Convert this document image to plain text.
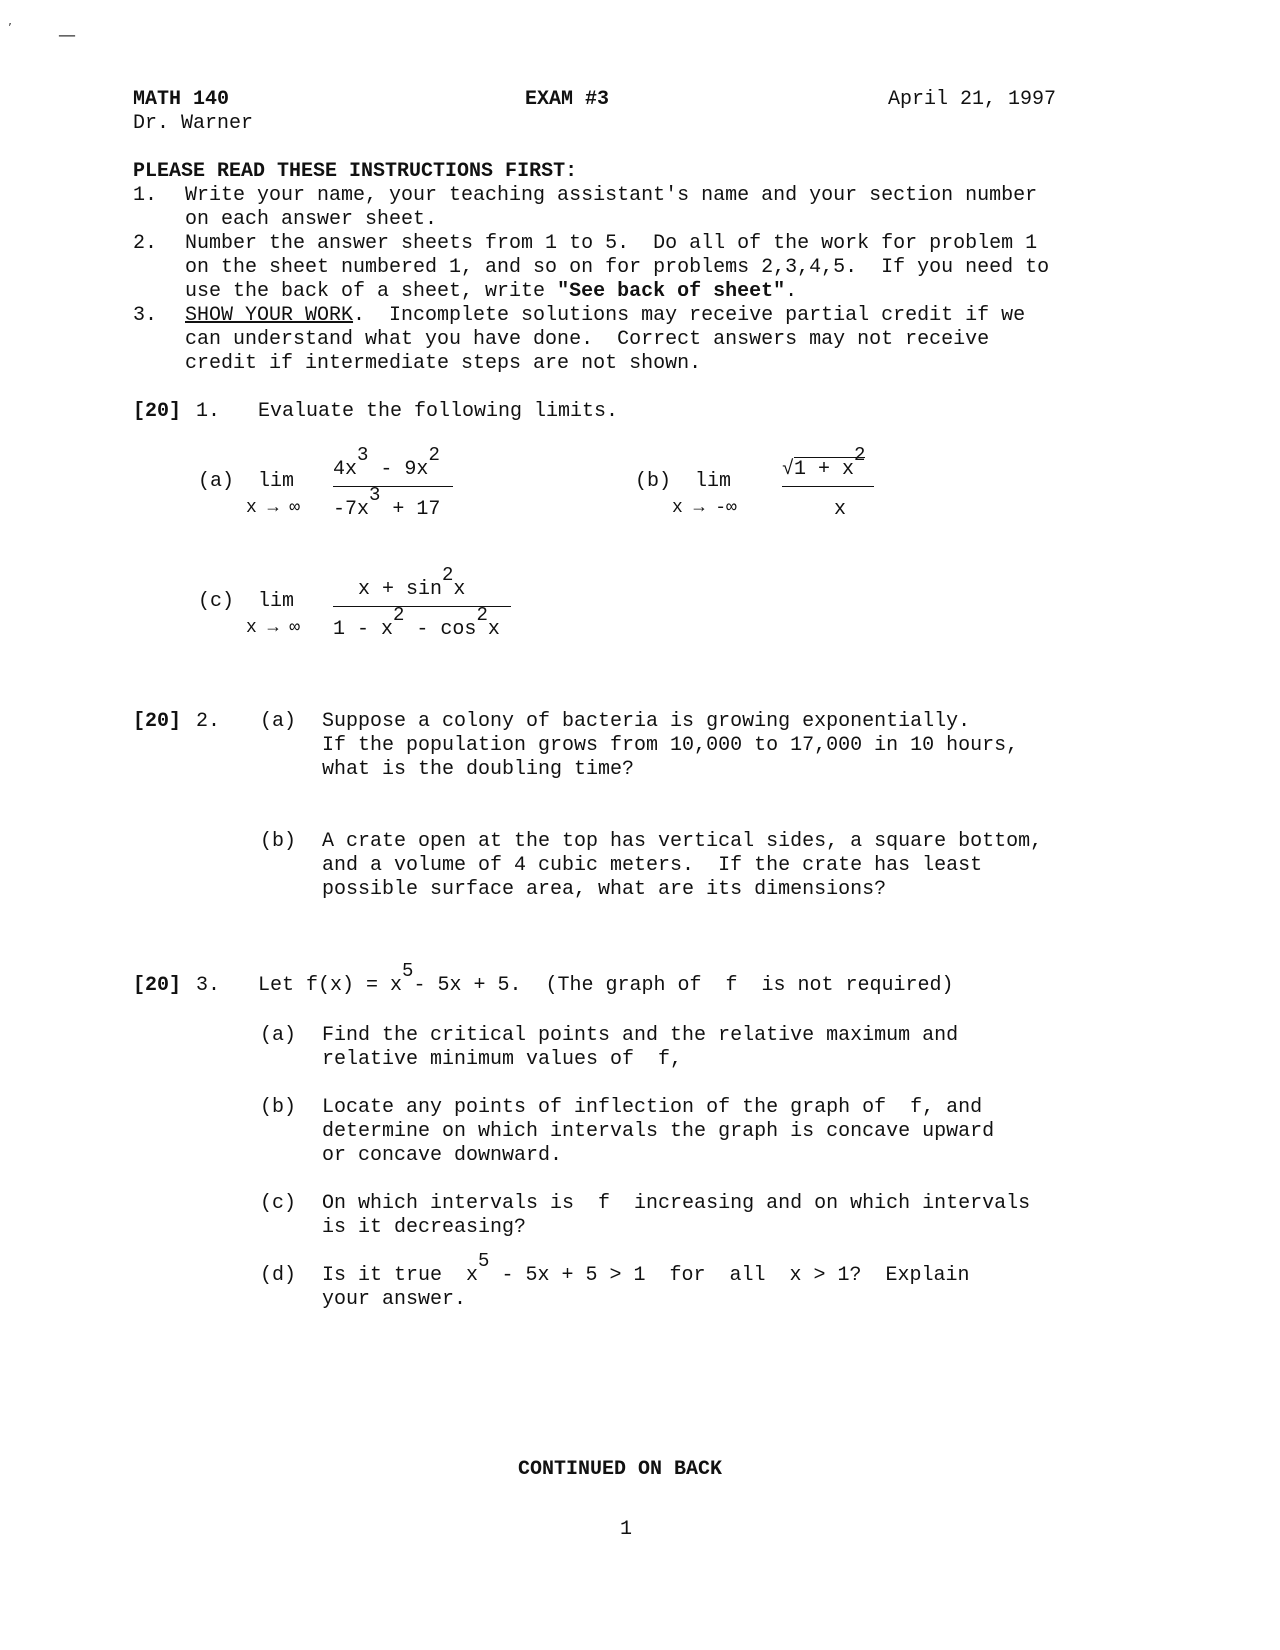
’	—
MATH 140	EXAM #3	April 21, 1997
Dr. Warner
PLEASE READ THESE INSTRUCTIONS FIRST:
1. Write your name, your teaching assistant's name and your section number
on each answer sheet.
2. Number the answer sheets from 1 to 5.  Do all of the work for problem 1
on the sheet numbered 1, and so on for problems 2,3,4,5.  If you need to
use the back of a sheet, write "See back of sheet".
3. SHOW YOUR WORK.  Incomplete solutions may receive partial credit if we
can understand what you have done.  Correct answers may not receive
credit if intermediate steps are not shown.
[20] 1. Evaluate the following limits.
(a) lim
x → ∞
$4x^3 - 9x^2$
$-7x^3 + 17$
(b) lim
x → -∞
$√1 + x^2$
x
(c) lim
x → ∞
$x + \sin^2x$
$1 - x^2 - \cos^2x$
[20] 2. (a) Suppose a colony of bacteria is growing exponentially.
If the population grows from 10,000 to 17,000 in 10 hours,
what is the doubling time?
(b) A crate open at the top has vertical sides, a square bottom,
and a volume of 4 cubic meters.  If the crate has least
possible surface area, what are its dimensions?
[20] 3. Let $f(x) = x^5-$ 5x + 5.  (The graph of  f  is not required)
(a) Find the critical points and the relative maximum and
relative minimum values of  f,
(b) Locate any points of inflection of the graph of  f, and
determine on which intervals the graph is concave upward
or concave downward.
(c) On which intervals is  f  increasing and on which intervals
is it decreasing?
(d) Is it true  $x^5 - 5x + 5 > 1$  for  all  x > 1?  Explain
your answer.
CONTINUED ON BACK
1
